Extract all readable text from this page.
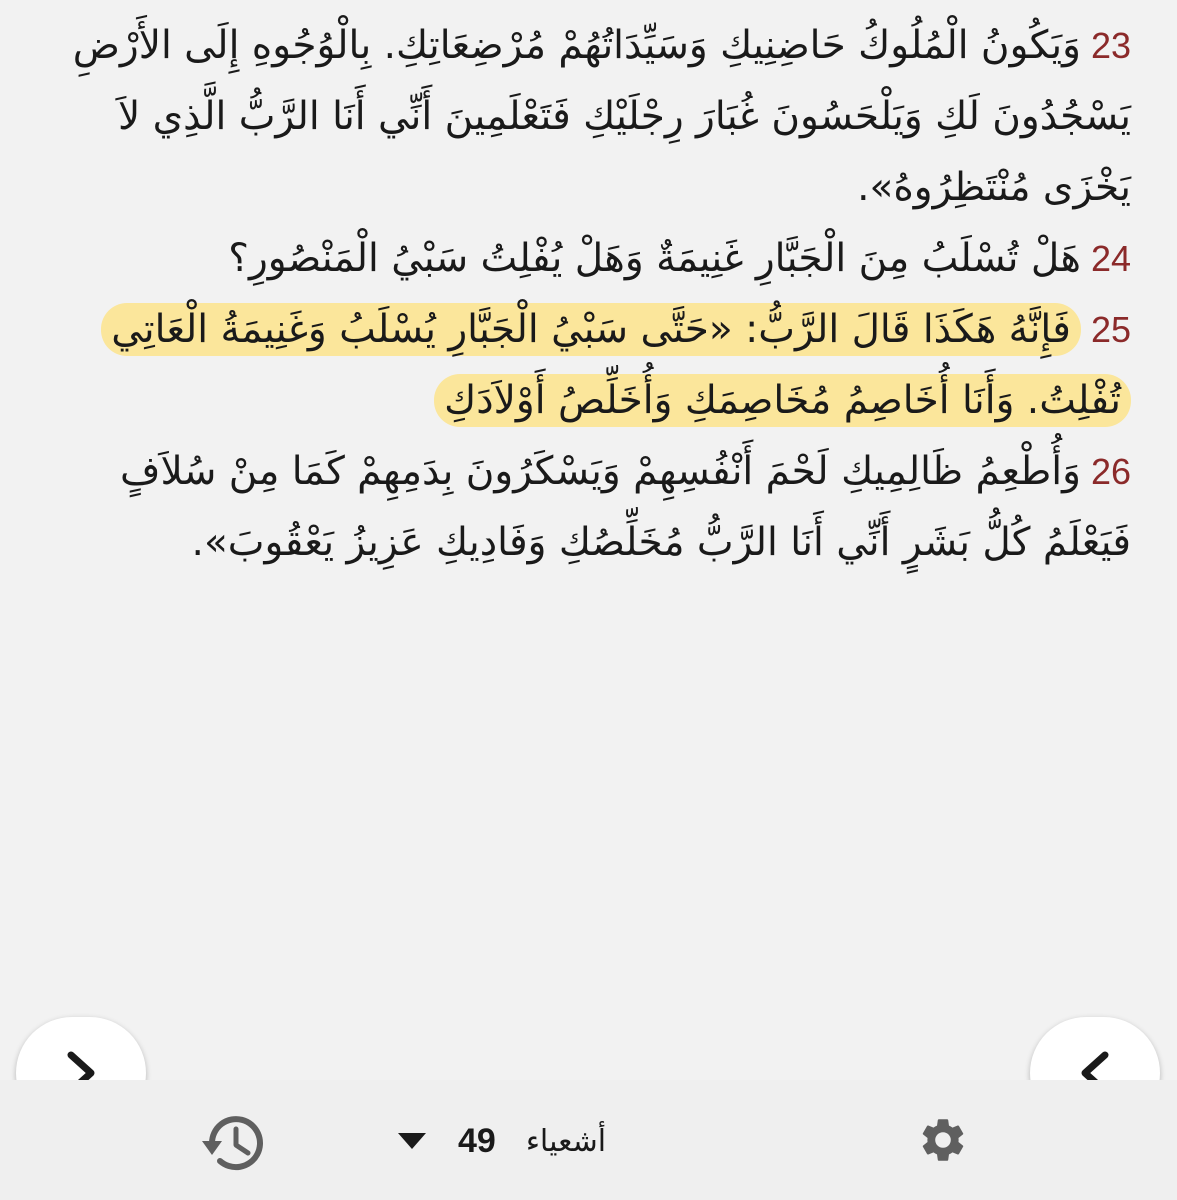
23وَيَكُونُ الْمُلُوكُ حَاضِنِيكِ وَسَيِّدَاتُهُمْ مُرْضِعَاتِكِ. بِالْوُجُوهِ إِلَى الأَرْضِ يَسْجُدُونَ لَكِ وَيَلْحَسُونَ غُبَارَ رِجْلَيْكِ فَتَعْلَمِينَ أَنِّي أَنَا الرَّبُّ الَّذِي لاَ يَخْزَى مُنْتَظِرُوهُ».

24هَلْ تُسْلَبُ مِنَ الْجَبَّارِ غَنِيمَةٌ وَهَلْ يُفْلِتُ سَبْيُ الْمَنْصُورِ؟

25فَإِنَّهُ هَكَذَا قَالَ الرَّبُّ: «حَتَّى سَبْيُ الْجَبَّارِ يُسْلَبُ وَغَنِيمَةُ الْعَاتِي تُفْلِتُ. وَأَنَا أُخَاصِمُ مُخَاصِمَكِ وَأُخَلِّصُ أَوْلاَدَكِ

26وَأُطْعِمُ ظَالِمِيكِ لَحْمَ أَنْفُسِهِمْ وَيَسْكَرُونَ بِدَمِهِمْ كَمَا مِنْ سُلاَفٍ فَيَعْلَمُ كُلُّ بَشَرٍ أَنِّي أَنَا الرَّبُّ مُخَلِّصُكِ وَفَادِيكِ عَزِيزُ يَعْقُوبَ».

49 أشعياء
